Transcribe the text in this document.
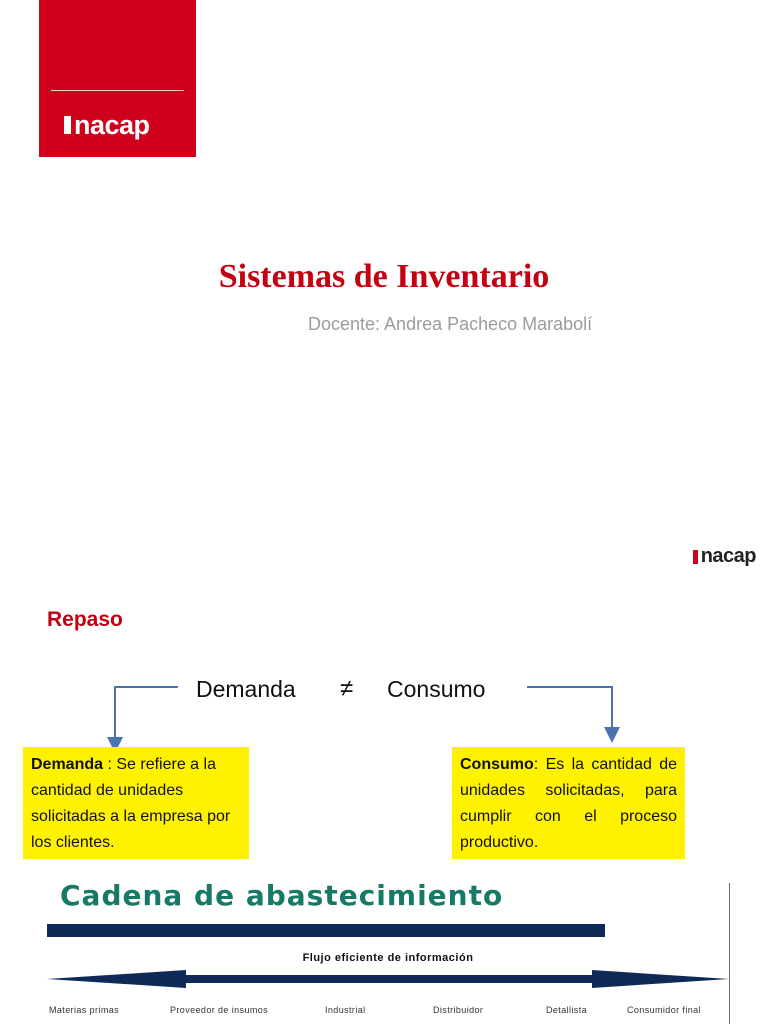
nacap
Sistemas de Inventario
Docente: Andrea Pacheco Marabolí
nacap
Repaso
Demanda ≠ Consumo
Demanda : Se refiere a la cantidad de unidades solicitadas a la empresa por los clientes.
Consumo: Es la cantidad de unidades solicitadas, para cumplir con el proceso productivo.
Cadena de abastecimiento
Flujo eficiente de información
Materias primas	Proveedor de insumos	Industrial	Distribuidor	Detallista	Consumidor final
